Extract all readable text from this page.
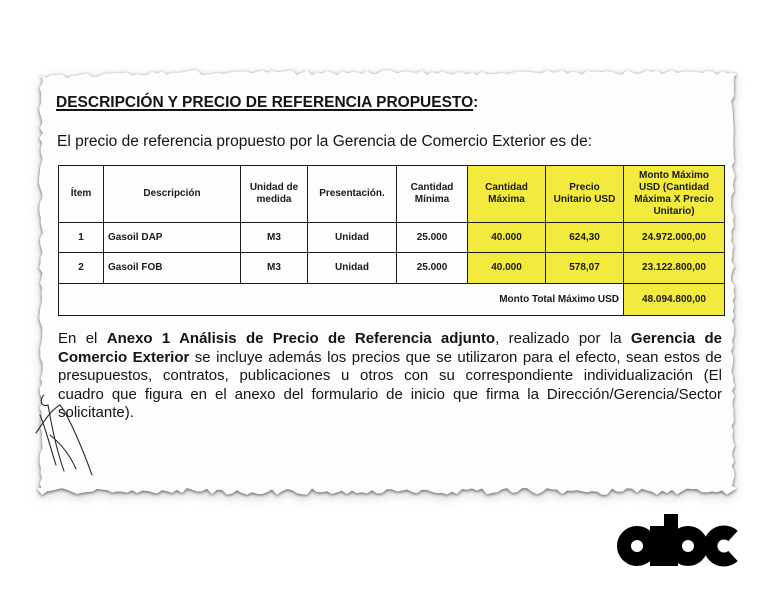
DESCRIPCIÓN Y PRECIO DE REFERENCIA PROPUESTO:
El precio de referencia propuesto por la Gerencia de Comercio Exterior es de:
Ítem	Descripción	Unidad de medida	Presentación.	Cantidad Mínima	Cantidad Máxima	Precio Unitario USD	Monto Máximo USD (Cantidad Máxima X Precio Unitario)
1	Gasoil DAP	M3	Unidad	25.000	40.000	624,30	24.972.000,00
2	Gasoil FOB	M3	Unidad	25.000	40.000	578,07	23.122.800,00
Monto Total Máximo USD							48.094.800,00
En el Anexo 1 Análisis de Precio de Referencia adjunto, realizado por la Gerencia de
Comercio Exterior se incluye además los precios que se utilizaron para el efecto, sean estos de
presupuestos, contratos, publicaciones u otros con su correspondiente individualización (El
cuadro que figura en el anexo del formulario de inicio que firma la Dirección/Gerencia/Sector
solicitante).
